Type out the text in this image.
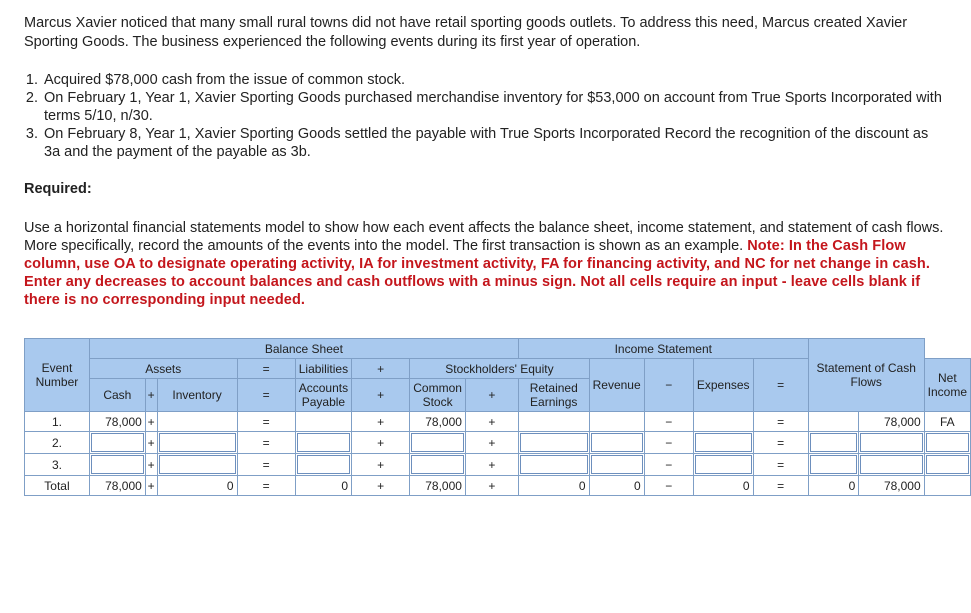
Marcus Xavier noticed that many small rural towns did not have retail sporting goods outlets. To address this need, Marcus created Xavier Sporting Goods. The business experienced the following events during its first year of operation.
1. Acquired $78,000 cash from the issue of common stock.
2. On February 1, Year 1, Xavier Sporting Goods purchased merchandise inventory for $53,000 on account from True Sports Incorporated with terms 5/10, n/30.
3. On February 8, Year 1, Xavier Sporting Goods settled the payable with True Sports Incorporated Record the recognition of the discount as 3a and the payment of the payable as 3b.
Required:
Use a horizontal financial statements model to show how each event affects the balance sheet, income statement, and statement of cash flows. More specifically, record the amounts of the events into the model. The first transaction is shown as an example. Note: In the Cash Flow column, use OA to designate operating activity, IA for investment activity, FA for financing activity, and NC for net change in cash. Enter any decreases to account balances and cash outflows with a minus sign. Not all cells require an input - leave cells blank if there is no corresponding input needed.
Event Number	Balance Sheet								Income Statement					Statement of Cash Flows		
	Assets			=	Liabilities	+	Stockholders' Equity			Revenue	−	Expenses	=			Net Income
	Cash	+	Inventory	=	Accounts Payable	+	Common Stock	+	Retained Earnings							
1.	78,000	+		=		+	78,000	+			−		=		78,000	FA
2.		+		=		+		+			−		=	

3.		+		=		+		+			−		=	

Total	78,000	+	0	=	0	+	78,000	+	0	0	−	0	=	0	78,000	
